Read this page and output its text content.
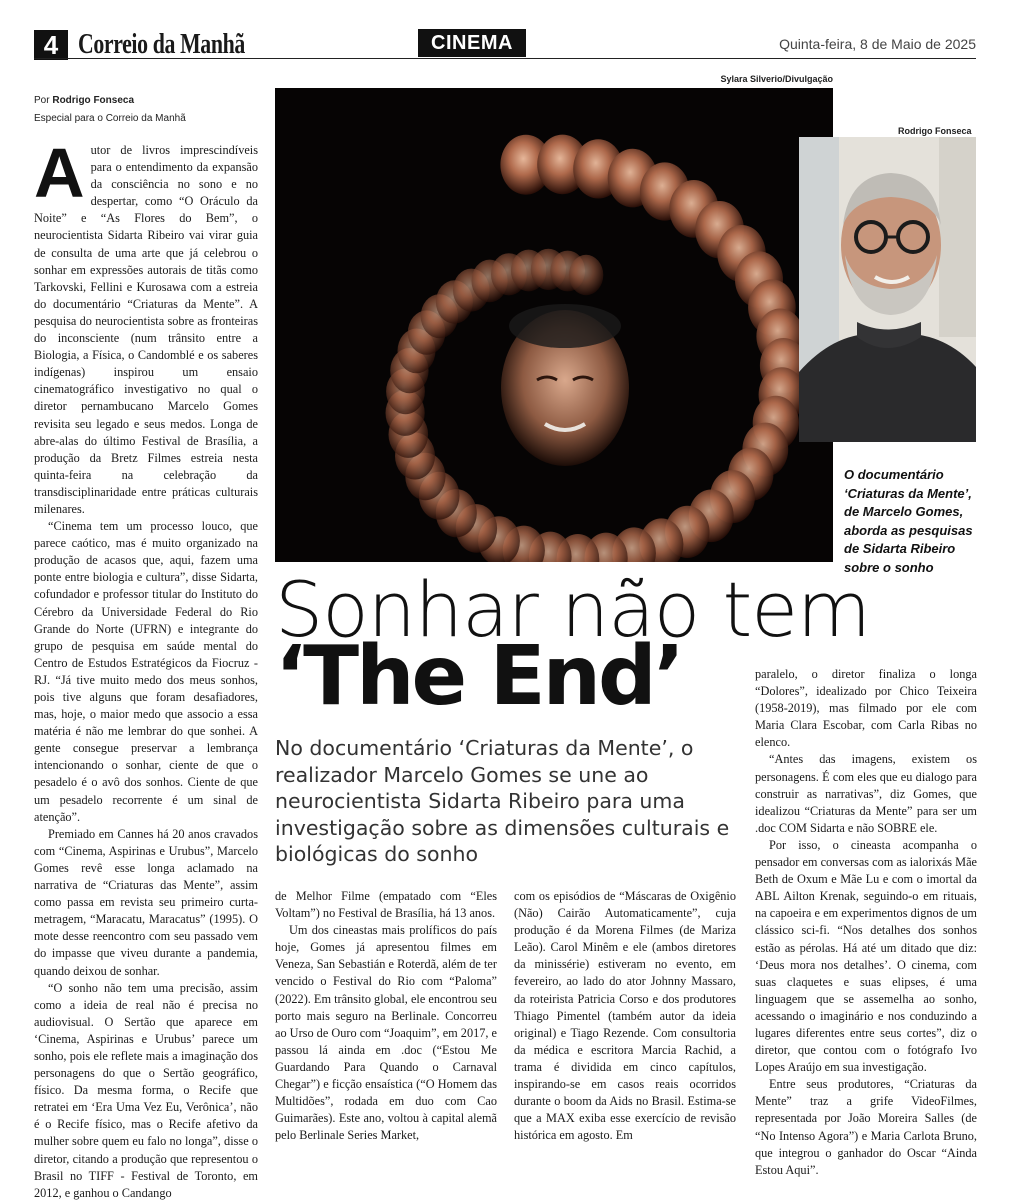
4 Correio da Manhã	CINEMA	Quinta-feira, 8 de Maio de 2025
Por Rodrigo Fonseca
Especial para o Correio da Manhã
A utor de livros imprescindíveis para o entendimento da expansão da consciência no sono e no despertar, como “O Oráculo da Noite” e “As Flores do Bem”, o neurocientista Sidarta Ribeiro vai virar guia de consulta de uma arte que já celebrou o sonhar em expressões autorais de titãs como Tarkovski, Fellini e Kurosawa com a estreia do documentário “Criaturas da Mente”. A pesquisa do neurocientista sobre as fronteiras do inconsciente (num trânsito entre a Biologia, a Física, o Candomblé e os saberes indígenas) inspirou um ensaio cinematográfico investigativo no qual o diretor pernambucano Marcelo Gomes revisita seu legado e seus medos. Longa de abre-alas do último Festival de Brasília, a produção da Bretz Filmes estreia nesta quinta-feira na celebração da transdisciplinaridade entre práticas culturais milenares.

“Cinema tem um processo louco, que parece caótico, mas é muito organizado na produção de acasos que, aqui, fazem uma ponte entre biologia e cultura”, disse Sidarta, cofundador e professor titular do Instituto do Cérebro da Universidade Federal do Rio Grande do Norte (UFRN) e integrante do grupo de pesquisa em saúde mental do Centro de Estudos Estratégicos da Fiocruz - RJ. “Já tive muito medo dos meus sonhos, pois tive alguns que foram desafiadores, mas, hoje, o maior medo que associo a essa matéria é não me lembrar do que sonhei. A gente consegue preservar a lembrança intencionando o sonhar, ciente de que o pesadelo é o avô dos sonhos. Ciente de que um pesadelo recorrente é um sinal de atenção”.

Premiado em Cannes há 20 anos cravados com “Cinema, Aspirinas e Urubus”, Marcelo Gomes revê esse longa aclamado na narrativa de “Criaturas das Mente”, assim como passa em revista seu primeiro curta-metragem, “Maracatu, Maracatus” (1995). O mote desse reencontro com seu passado vem do impasse que viveu durante a pandemia, quando deixou de sonhar.

“O sonho não tem uma precisão, assim como a ideia de real não é precisa no audiovisual. O Sertão que aparece em ‘Cinema, Aspirinas e Urubus’ parece um sonho, pois ele reflete mais a imaginação dos personagens do que o Sertão geográfico, físico. Da mesma forma, o Recife que retratei em ‘Era Uma Vez Eu, Verônica’, não é o Recife físico, mas o Recife afetivo da mulher sobre quem eu falo no longa”, disse o diretor, citando a produção que representou o Brasil no TIFF - Festival de Toronto, em 2012, e ganhou o Candango

Sylara Silverio/Divulgação
Rodrigo Fonseca
O documentário ‘Criaturas da Mente’, de Marcelo Gomes, aborda as pesquisas de Sidarta Ribeiro sobre o sonho
Sonhar não tem
‘The End’
No documentário ‘Criaturas da Mente’, o realizador Marcelo Gomes se une ao neurocientista Sidarta Ribeiro para uma investigação sobre as dimensões culturais e biológicas do sonho

de Melhor Filme (empatado com “Eles Voltam”) no Festival de Brasília, há 13 anos.

Um dos cineastas mais prolíficos do país hoje, Gomes já apresentou filmes em Veneza, San Sebastián e Roterdã, além de ter vencido o Festival do Rio com “Paloma” (2022). Em trânsito global, ele encontrou seu porto mais seguro na Berlinale. Concorreu ao Urso de Ouro com “Joaquim”, em 2017, e passou lá ainda em .doc (“Estou Me Guardando Para Quando o Carnaval Chegar”) e ficção ensaística (“O Homem das Multidões”, rodada em duo com Cao Guimarães). Este ano, voltou à capital alemã pelo Berlinale Series Market,

com os episódios de “Máscaras de Oxigênio (Não) Cairão Automaticamente”, cuja produção é da Morena Filmes (de Mariza Leão). Carol Minêm e ele (ambos diretores da minissérie) estiveram no evento, em fevereiro, ao lado do ator Johnny Massaro, da roteirista Patricia Corso e dos produtores Thiago Pimentel (também autor da ideia original) e Tiago Rezende. Com consultoria da médica e escritora Marcia Rachid, a trama é dividida em cinco capítulos, inspirando-se em casos reais ocorridos durante o boom da Aids no Brasil. Estima-se que a MAX exiba esse exercício de revisão histórica em agosto. Em

paralelo, o diretor finaliza o longa “Dolores”, idealizado por Chico Teixeira (1958-2019), mas filmado por ele com Maria Clara Escobar, com Carla Ribas no elenco.

“Antes das imagens, existem os personagens. É com eles que eu dialogo para construir as narrativas”, diz Gomes, que idealizou “Criaturas da Mente” para ser um .doc COM Sidarta e não SOBRE ele.

Por isso, o cineasta acompanha o pensador em conversas com as ialorixás Mãe Beth de Oxum e Mãe Lu e com o imortal da ABL Ailton Krenak, seguindo-o em rituais, na capoeira e em experimentos dignos de um clássico sci-fi. “Nos detalhes dos sonhos estão as pérolas. Há até um ditado que diz: ‘Deus mora nos detalhes’. O cinema, com suas claquetes e suas elipses, é uma linguagem que se assemelha ao sonho, acessando o imaginário e nos conduzindo a lugares diferentes entre seus cortes”, diz o diretor, que contou com o fotógrafo Ivo Lopes Araújo em sua investigação.

Entre seus produtores, “Criaturas da Mente” traz a grife VideoFilmes, representada por João Moreira Salles (de “No Intenso Agora”) e Maria Carlota Bruno, que integrou o ganhador do Oscar “Ainda Estou Aqui”.
